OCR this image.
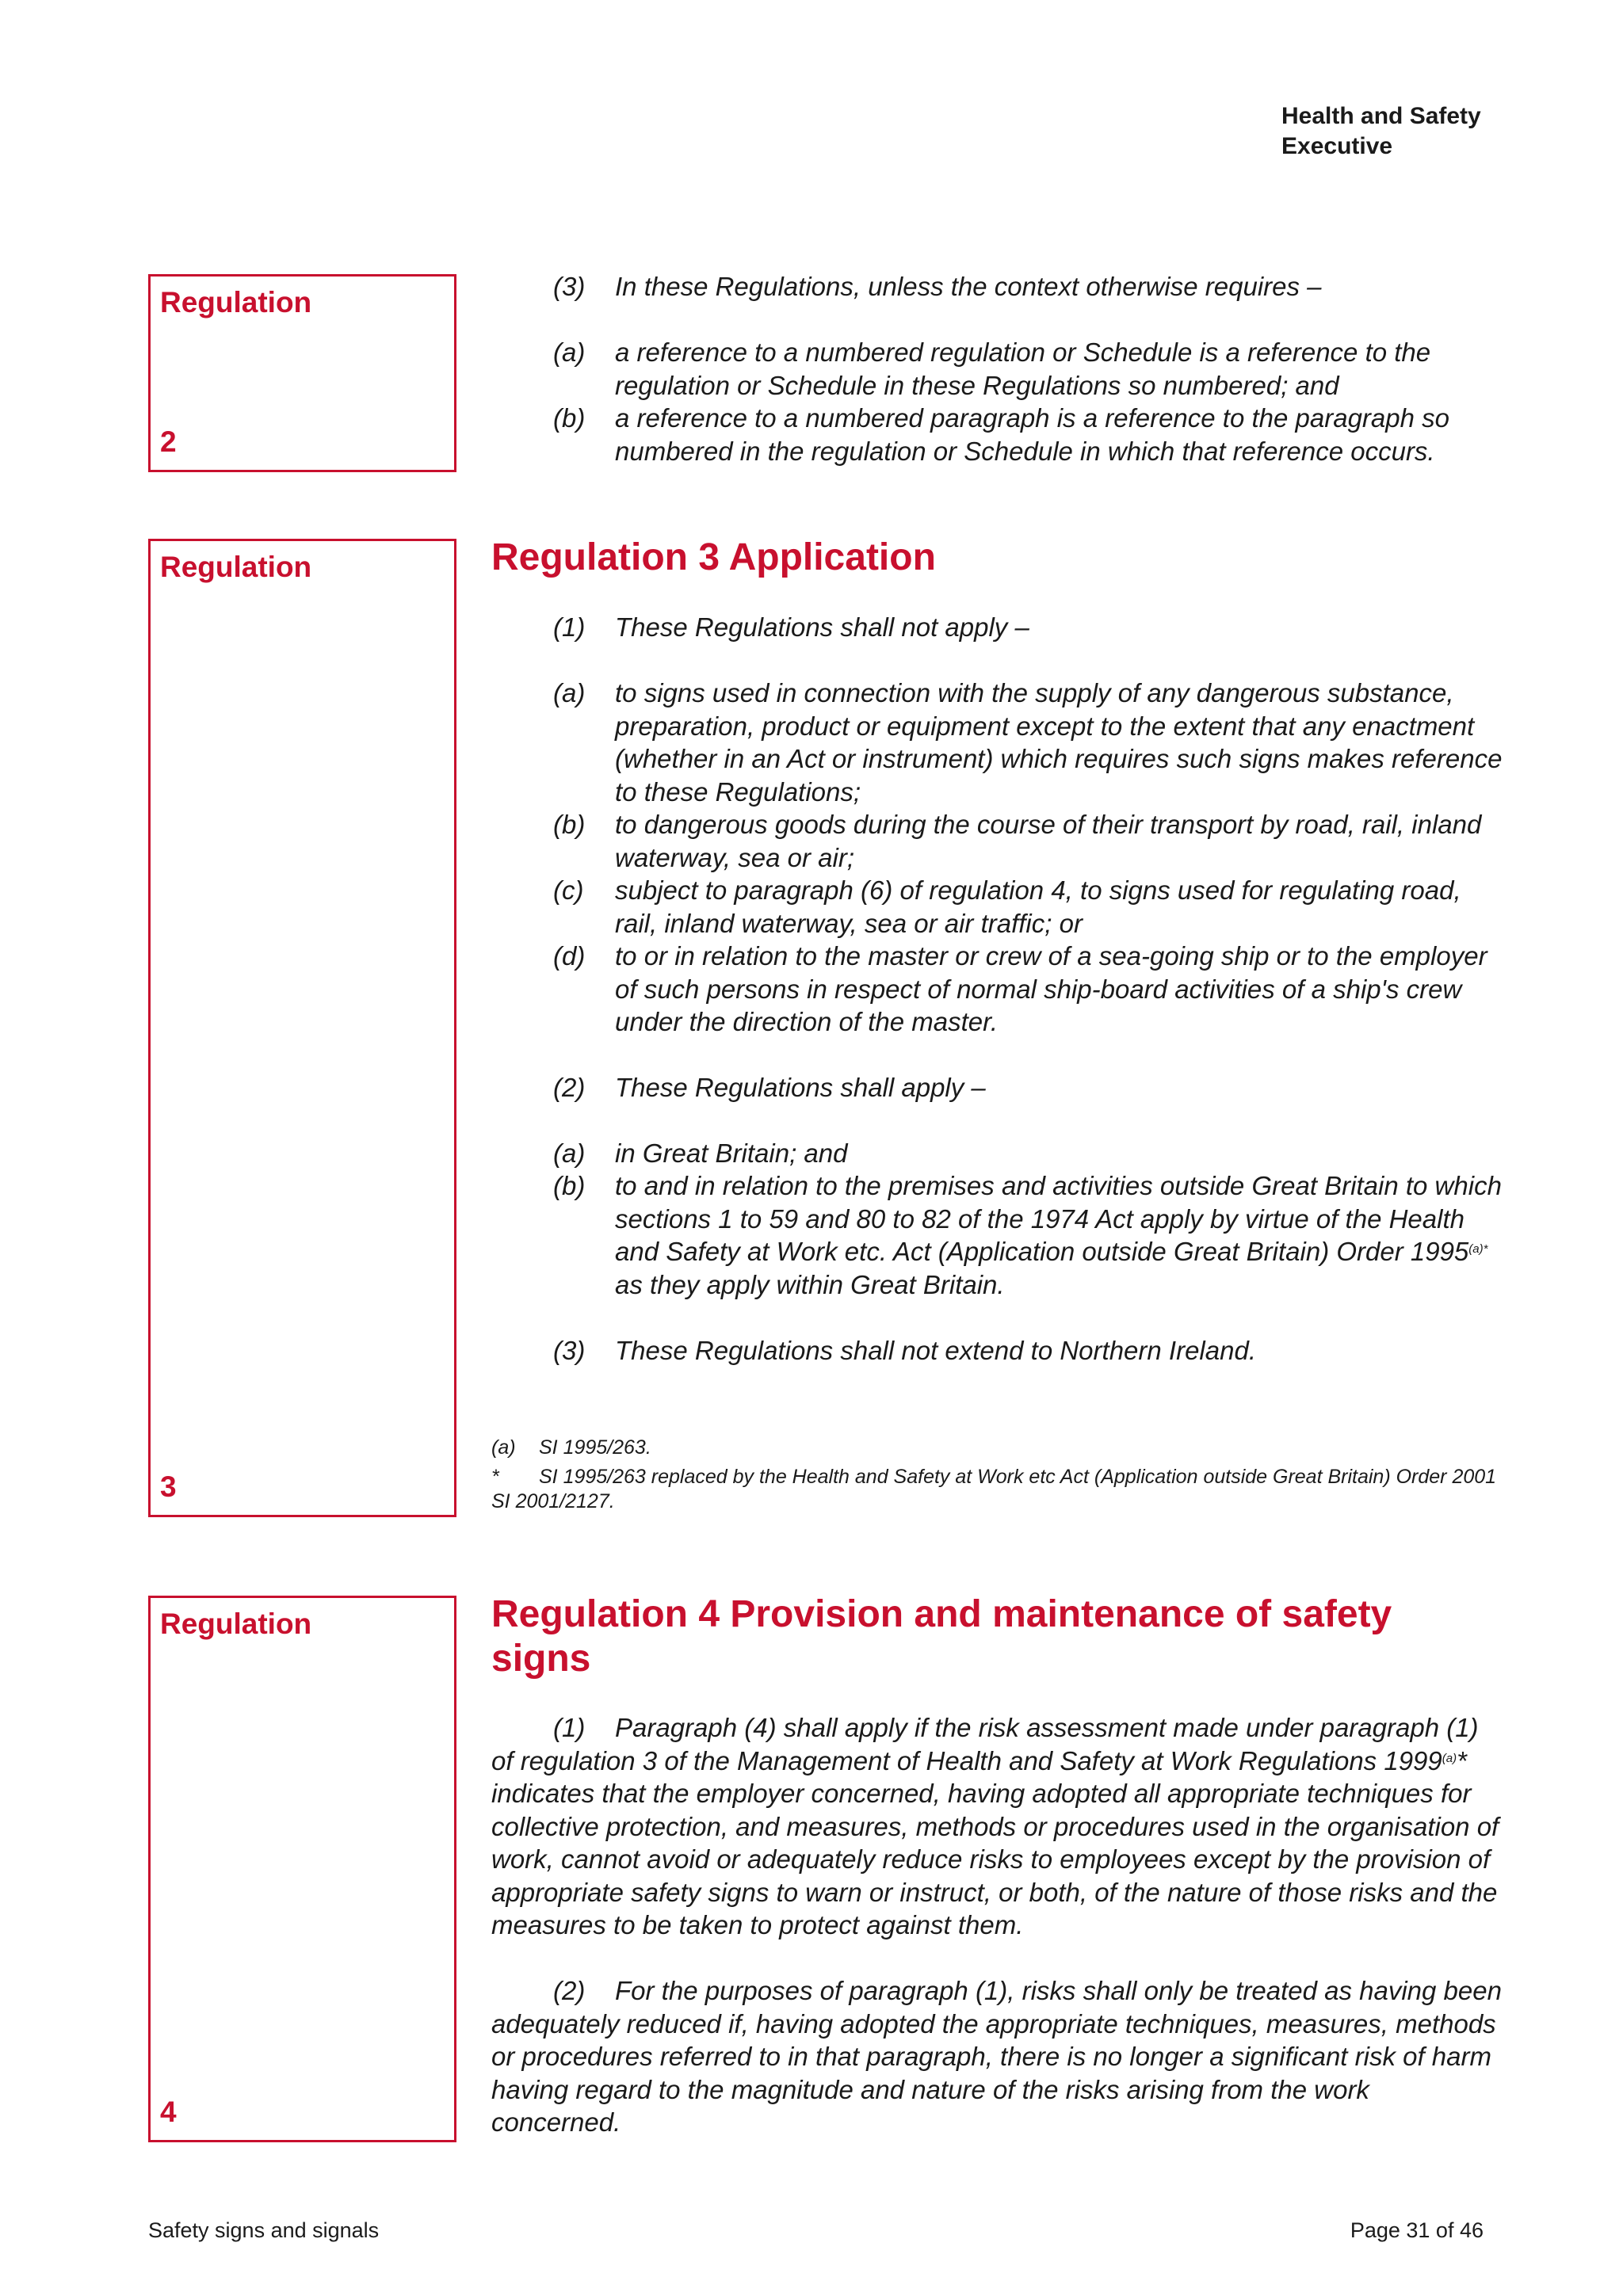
Health and Safety
Executive
Regulation
2
(3) In these Regulations, unless the context otherwise requires –
(a) a reference to a numbered regulation or Schedule is a reference to the regulation or Schedule in these Regulations so numbered; and
(b) a reference to a numbered paragraph is a reference to the paragraph so numbered in the regulation or Schedule in which that reference occurs.
Regulation
3
Regulation 3 Application
(1) These Regulations shall not apply –
(a) to signs used in connection with the supply of any dangerous substance, preparation, product or equipment except to the extent that any enactment (whether in an Act or instrument) which requires such signs makes reference to these Regulations;
(b) to dangerous goods during the course of their transport by road, rail, inland waterway, sea or air;
(c) subject to paragraph (6) of regulation 4, to signs used for regulating road, rail, inland waterway, sea or air traffic; or
(d) to or in relation to the master or crew of a sea-going ship or to the employer of such persons in respect of normal ship-board activities of a ship's crew under the direction of the master.
(2) These Regulations shall apply –
(a) in Great Britain; and
(b) to and in relation to the premises and activities outside Great Britain to which sections 1 to 59 and 80 to 82 of the 1974 Act apply by virtue of the Health and Safety at Work etc. Act (Application outside Great Britain) Order 1995$^{(a)*}$ as they apply within Great Britain.
(3) These Regulations shall not extend to Northern Ireland.
(a) SI 1995/263.
* SI 1995/263 replaced by the Health and Safety at Work etc Act (Application outside Great Britain) Order 2001 SI 2001/2127.
Regulation
4
Regulation 4 Provision and maintenance of safety signs
(1) Paragraph (4) shall apply if the risk assessment made under paragraph (1) of regulation 3 of the Management of Health and Safety at Work Regulations 1999$^{(a)}$* indicates that the employer concerned, having adopted all appropriate techniques for collective protection, and measures, methods or procedures used in the organisation of work, cannot avoid or adequately reduce risks to employees except by the provision of appropriate safety signs to warn or instruct, or both, of the nature of those risks and the measures to be taken to protect against them.
(2) For the purposes of paragraph (1), risks shall only be treated as having been adequately reduced if, having adopted the appropriate techniques, measures, methods or procedures referred to in that paragraph, there is no longer a significant risk of harm having regard to the magnitude and nature of the risks arising from the work concerned.
Safety signs and signals	Page 31 of 46
